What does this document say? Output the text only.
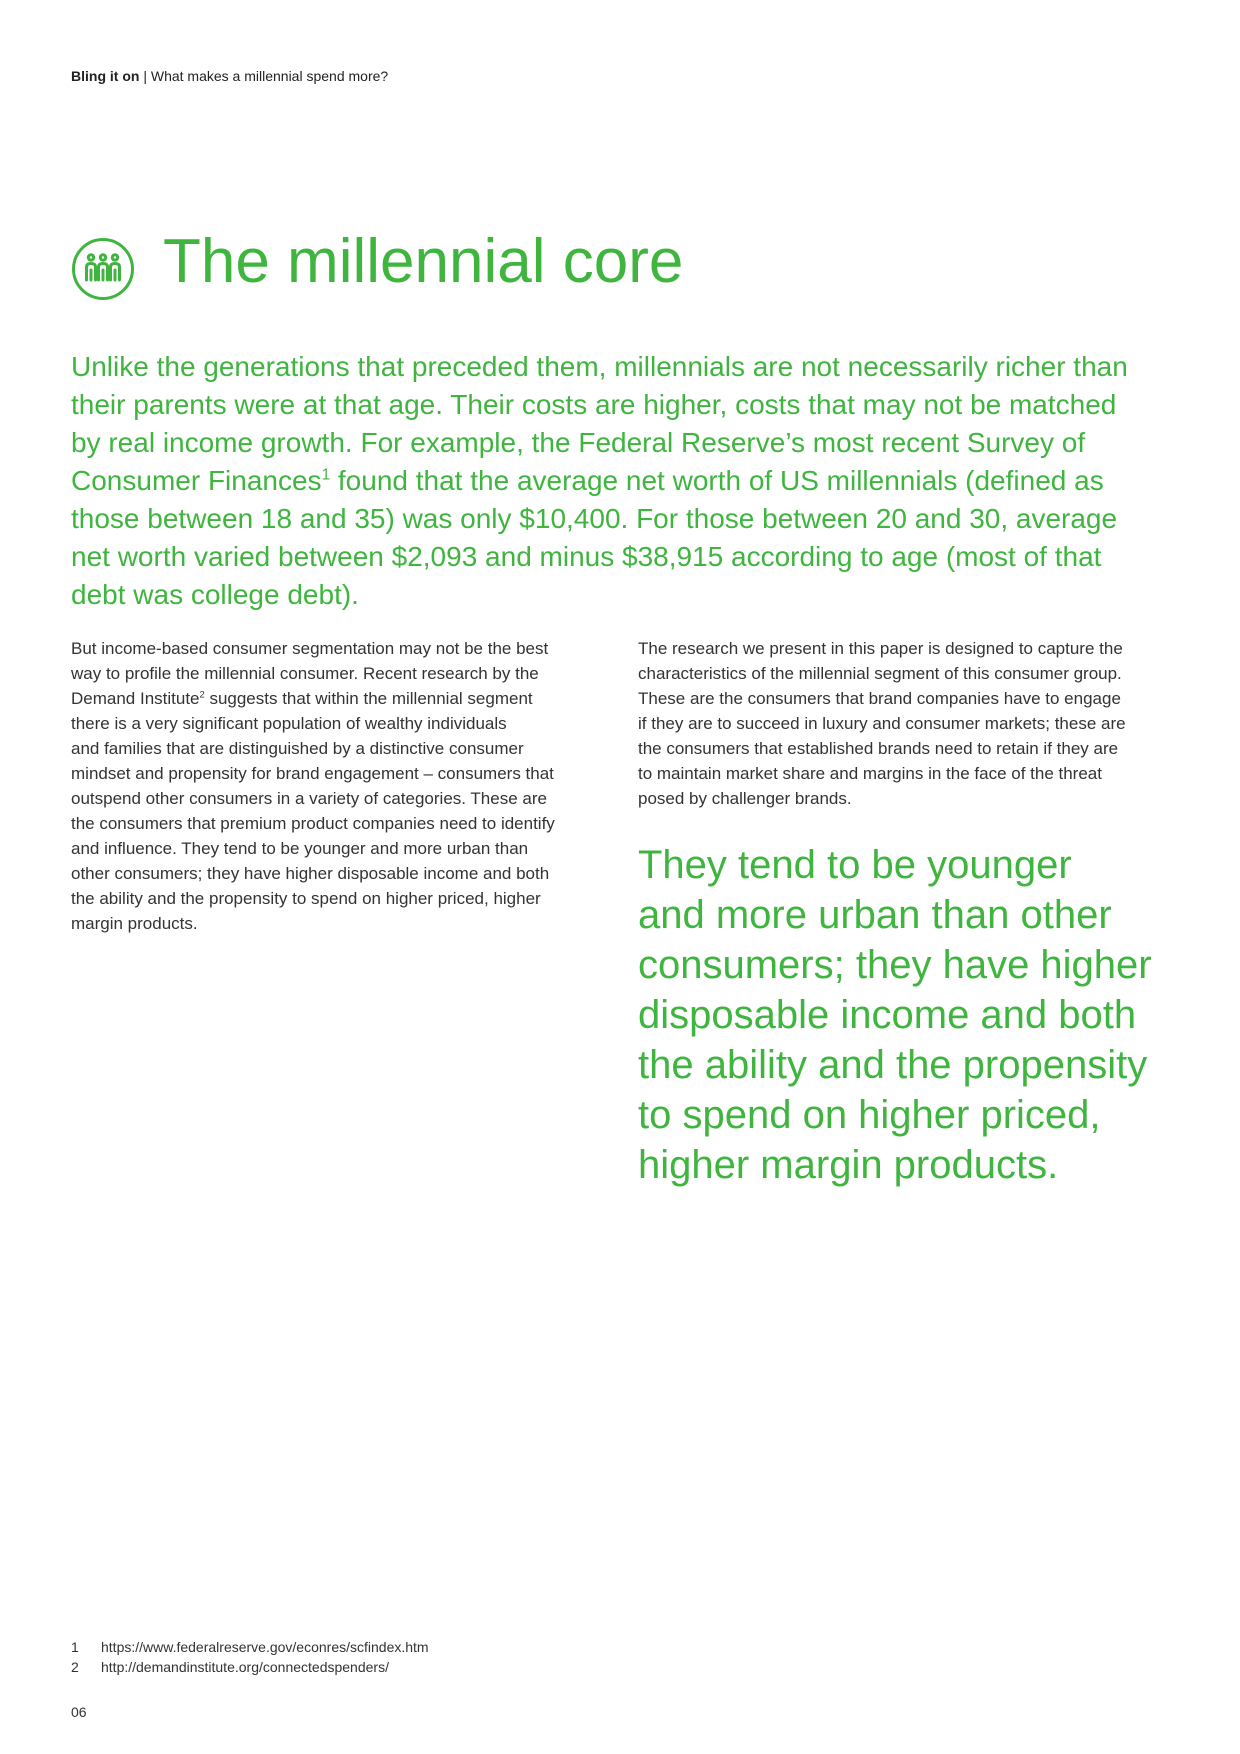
Bling it on | What makes a millennial spend more?
The millennial core
Unlike the generations that preceded them, millennials are not necessarily richer than
their parents were at that age. Their costs are higher, costs that may not be matched
by real income growth. For example, the Federal Reserve’s most recent Survey of
Consumer Finances$^1$ found that the average net worth of US millennials (defined as
those between 18 and 35) was only $10,400. For those between 20 and 30, average
net worth varied between $2,093 and minus $38,915 according to age (most of that
debt was college debt).
But income-based consumer segmentation may not be the best
way to profile the millennial consumer. Recent research by the
Demand Institute$^2$ suggests that within the millennial segment
there is a very significant population of wealthy individuals
and families that are distinguished by a distinctive consumer
mindset and propensity for brand engagement – consumers that
outspend other consumers in a variety of categories. These are
the consumers that premium product companies need to identify
and influence. They tend to be younger and more urban than
other consumers; they have higher disposable income and both
the ability and the propensity to spend on higher priced, higher
margin products.
The research we present in this paper is designed to capture the
characteristics of the millennial segment of this consumer group.
These are the consumers that brand companies have to engage
if they are to succeed in luxury and consumer markets; these are
the consumers that established brands need to retain if they are
to maintain market share and margins in the face of the threat
posed by challenger brands.
They tend to be younger
and more urban than other
consumers; they have higher
disposable income and both
the ability and the propensity
to spend on higher priced,
higher margin products.
1	https://www.federalreserve.gov/econres/scfindex.htm
2	http://demandinstitute.org/connectedspenders/
06
